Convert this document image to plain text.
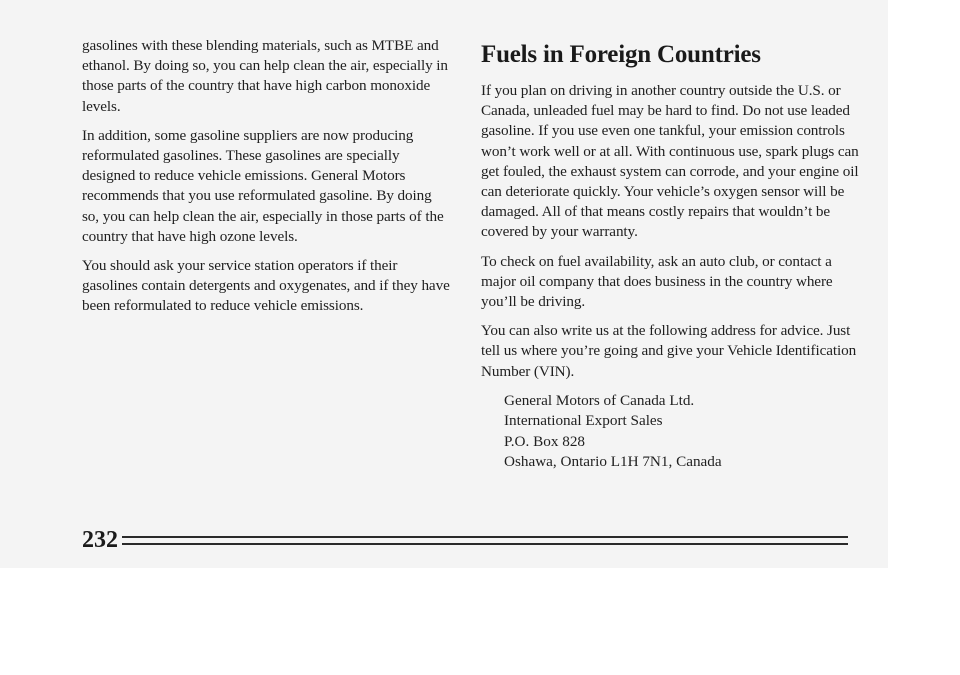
gasolines with these blending materials, such as MTBE and ethanol. By doing so, you can help clean the air, especially in those parts of the country that have high carbon monoxide levels.

In addition, some gasoline suppliers are now producing reformulated gasolines. These gasolines are specially designed to reduce vehicle emissions. General Motors recommends that you use reformulated gasoline. By doing so, you can help clean the air, especially in those parts of the country that have high ozone levels.

You should ask your service station operators if their gasolines contain detergents and oxygenates, and if they have been reformulated to reduce vehicle emissions.

Fuels in Foreign Countries

If you plan on driving in another country outside the U.S. or Canada, unleaded fuel may be hard to find. Do not use leaded gasoline. If you use even one tankful, your emission controls won’t work well or at all. With continuous use, spark plugs can get fouled, the exhaust system can corrode, and your engine oil can deteriorate quickly. Your vehicle’s oxygen sensor will be damaged. All of that means costly repairs that wouldn’t be covered by your warranty.

To check on fuel availability, ask an auto club, or contact a major oil company that does business in the country where you’ll be driving.

You can also write us at the following address for advice. Just tell us where you’re going and give your Vehicle Identification Number (VIN).

General Motors of Canada Ltd.
International Export Sales
P.O. Box 828
Oshawa, Ontario L1H 7N1, Canada
232
